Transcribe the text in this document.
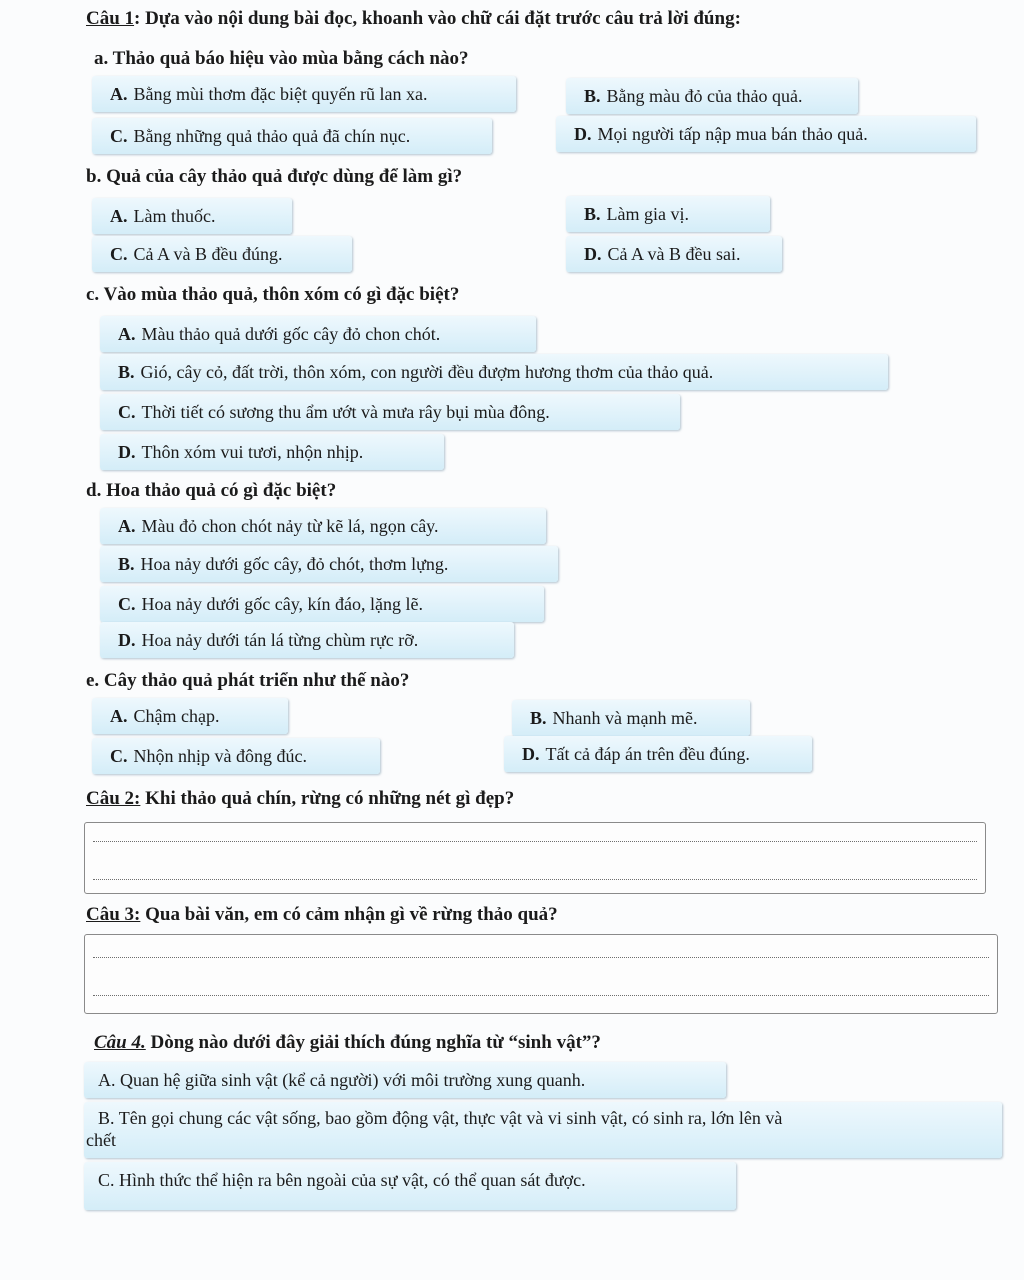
Câu 1: Dựa vào nội dung bài đọc, khoanh vào chữ cái đặt trước câu trả lời đúng:
a. Thảo quả báo hiệu vào mùa bằng cách nào?
A. Bằng mùi thơm đặc biệt quyến rũ lan xa.	B. Bằng màu đỏ của thảo quả.
C. Bằng những quả thảo quả đã chín nục.	D. Mọi người tấp nập mua bán thảo quả.
b. Quả của cây thảo quả được dùng để làm gì?
A. Làm thuốc.	B. Làm gia vị.
C. Cả A và B đều đúng.	D. Cả A và B đều sai.
c. Vào mùa thảo quả, thôn xóm có gì đặc biệt?
A. Màu thảo quả dưới gốc cây đỏ chon chót.
B. Gió, cây cỏ, đất trời, thôn xóm, con người đều đượm hương thơm của thảo quả.
C. Thời tiết có sương thu ẩm ướt và mưa rây bụi mùa đông.
D. Thôn xóm vui tươi, nhộn nhịp.
d. Hoa thảo quả có gì đặc biệt?
A. Màu đỏ chon chót nảy từ kẽ lá, ngọn cây.
B. Hoa nảy dưới gốc cây, đỏ chót, thơm lựng.
C. Hoa nảy dưới gốc cây, kín đáo, lặng lẽ.
D. Hoa nảy dưới tán lá từng chùm rực rỡ.
e. Cây thảo quả phát triển như thế nào?
A. Chậm chạp.	B. Nhanh và mạnh mẽ.
C. Nhộn nhịp và đông đúc.	D. Tất cả đáp án trên đều đúng.
Câu 2: Khi thảo quả chín, rừng có những nét gì đẹp?
Câu 3: Qua bài văn, em có cảm nhận gì về rừng thảo quả?
Câu 4. Dòng nào dưới đây giải thích đúng nghĩa từ “sinh vật”?
A. Quan hệ giữa sinh vật (kể cả người) với môi trường xung quanh.
B. Tên gọi chung các vật sống, bao gồm động vật, thực vật và vi sinh vật, có sinh ra, lớn lên và
chết
C. Hình thức thể hiện ra bên ngoài của sự vật, có thể quan sát được.
